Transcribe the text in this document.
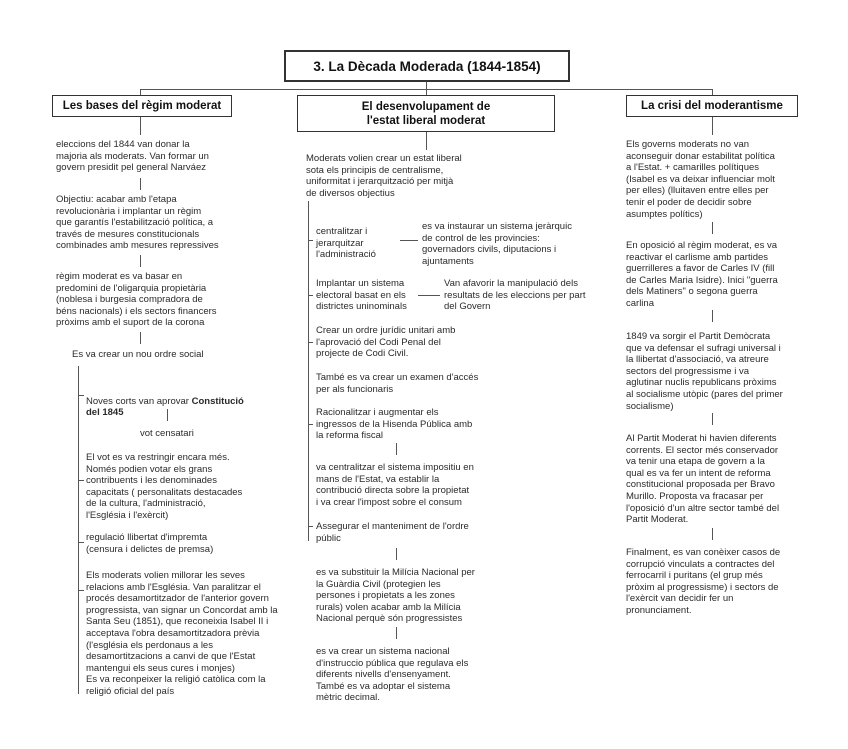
3. La Dècada Moderada (1844-1854)
Les bases del règim moderat	El desenvolupament de
l'estat liberal moderat
La crisi del moderantisme
eleccions del 1844 van donar la
majoria als moderats. Van formar un
govern presidit pel general Narváez
Objectiu: acabar amb l'etapa
revolucionària i implantar un règim
que garantís l'estabilització política, a
través de mesures constitucionals
combinades amb mesures repressives
règim moderat es va basar en
predomini de l'oligarquia propietària
(noblesa i burgesia compradora de
béns nacionals) i els sectors financers
pròxims amb el suport de la corona
Es va crear un nou ordre social

Noves corts van aprovar Constitució
del 1845

vot censatari
El vot es va restringir encara més.
Només podien votar els grans
contribuents i les denominades
capacitats ( personalitats destacades
de la cultura, l'administració,
l'Església i l'exèrcit)
regulació llibertat d'impremta
(censura i delictes de premsa)
Els moderats volien millorar les seves
relacions amb l'Església. Van paralitzar el
procés desamortitzador de l'anterior govern
progressista, van signar un Concordat amb la
Santa Seu (1851), que reconeixia Isabel II i
acceptava l'obra desamortitzadora prèvia
(l'església els perdonaus a les
desamortitzacions a canvi de que l'Estat
mantengui els seus cures i monjes)
Es va reconpeixer la religió catòlica com la
religió oficial del país
Moderats volien crear un estat liberal
sota els principis de centralisme,
uniformitat i jerarquització per mitjà
de diversos objectius
centralitzar i
jerarquitzar
l'administració
es va instaurar un sistema jeràrquic
de control de les provincies:
governadors civils, diputacions i
ajuntaments
Implantar un sistema
electoral basat en els
districtes uninominals
Van afavorir la manipulació dels
resultats de les eleccions per part
del Govern
Crear un ordre jurídic unitari amb
l'aprovació del Codi Penal del
projecte de Codi Civil.
També es va crear un examen d'accés
per als funcionaris
Racionalitzar i augmentar els
ingressos de la Hisenda Pública amb
la reforma fiscal
va centralitzar el sistema impositiu en
mans de l'Estat, va establir la
contribució directa sobre la propietat
i va crear l'impost sobre el consum
Assegurar el manteniment de l'ordre
públic
es va substituir la Milícia Nacional per
la Guàrdia Civil (protegien les
persones i propietats a les zones
rurals) volen acabar amb la Milícia
Nacional perquè són progressistes
es va crear un sistema nacional
d'instruccio pública que regulava els
diferents nivells d'ensenyament.
També es va adoptar el sistema
mètric decimal.
Els governs moderats no van
aconseguir donar estabilitat política
a l'Estat. + camarilles polítiques
(Isabel es va deixar influenciar molt
per elles) (lluitaven entre elles per
tenir el poder de decidir sobre
asumptes polítics)
En oposició al règim moderat, es va
reactivar el carlisme amb partides
guerrilleres a favor de Carles IV (fill
de Carles Maria Isidre). Inici "guerra
dels Matiners" o segona guerra
carlina
1849 va sorgir el Partit Demòcrata
que va defensar el sufragi universal i
la llibertat d'associació, va atreure
sectors del progressisme i va
aglutinar nuclis republicans pròxims
al socialisme utòpic (pares del primer
socialisme)
Al Partit Moderat hi havien diferents
corrents. El sector més conservador
va tenir una etapa de govern a la
qual es va fer un intent de reforma
constitucional proposada per Bravo
Murillo. Proposta va fracasar per
l'oposició d'un altre sector també del
Partit Moderat.
Finalment, es van conèixer casos de
corrupció vinculats a contractes del
ferrocarril i puritans (el grup més
pròxim al progressisme) i sectors de
l'exèrcit van decidir fer un
pronunciament.
